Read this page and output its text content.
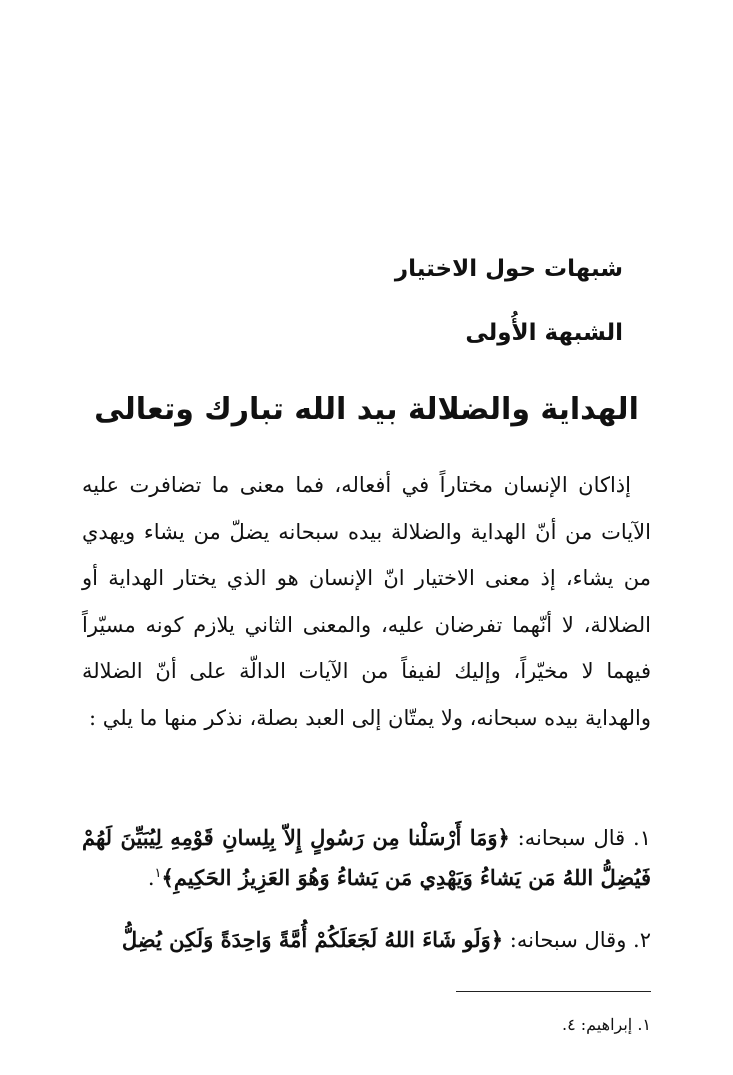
شبهات حول الاختيار
الشبهة الأُولى
الهداية والضلالة بيد الله تبارك وتعالى

إذاكان الإنسان مختاراً في أفعاله، فما معنى ما تضافرت عليه الآيات من أنّ الهداية والضلالة بيده سبحانه يضلّ من يشاء ويهدي من يشاء، إذ معنى الاختيار انّ الإنسان هو الذي يختار الهداية أو الضلالة، لا أنّهما تفرضان عليه، والمعنى الثاني يلازم كونه مسيّراً فيهما لا مخيّراً، وإليك لفيفاً من الآيات الدالّة على أنّ الضلالة والهداية بيده سبحانه، ولا يمتّان إلى العبد بصلة، نذكر منها ما يلي :

١. قال سبحانه: ﴿وَمَا أَرْسَلْنا مِن رَسُولٍ إِلاّ بِلِسانِ قَوْمِهِ لِيُبَيِّنَ لَهُمْ فَيُضِلُّ اللهُ مَن يَشاءُ وَيَهْدِي مَن يَشاءُ وَهُوَ العَزِيزُ الحَكِيمِ﴾$^١$.
٢. وقال سبحانه: ﴿وَلَو شَاءَ اللهُ لَجَعَلَكُمْ أُمَّةً وَاحِدَةً وَلَكِن يُضِلُّ
١. إبراهيم: ٤.
